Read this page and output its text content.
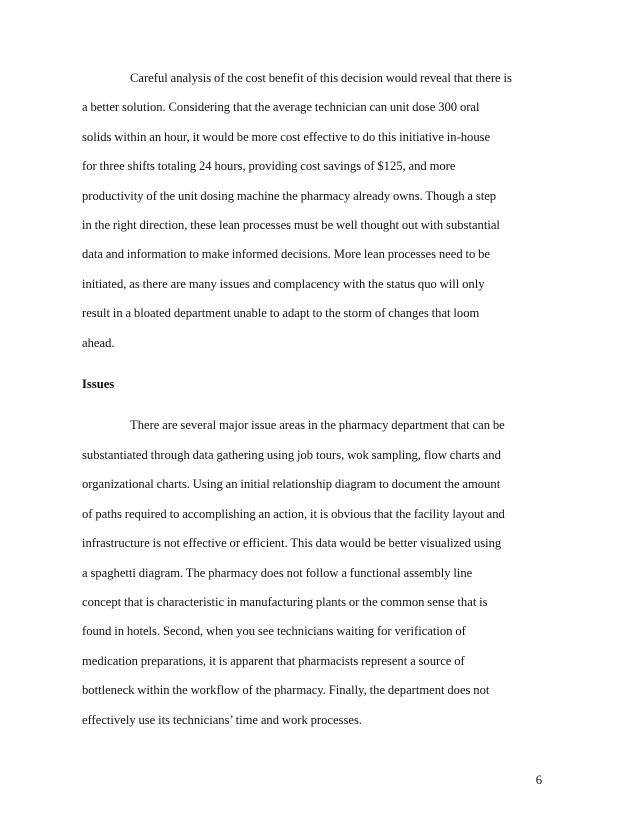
Careful analysis of the cost benefit of this decision would reveal that there is
a better solution. Considering that the average technician can unit dose 300 oral
solids within an hour, it would be more cost effective to do this initiative in-house
for three shifts totaling 24 hours, providing cost savings of $125, and more
productivity of the unit dosing machine the pharmacy already owns. Though a step
in the right direction, these lean processes must be well thought out with substantial
data and information to make informed decisions. More lean processes need to be
initiated, as there are many issues and complacency with the status quo will only
result in a bloated department unable to adapt to the storm of changes that loom
ahead.

Issues

There are several major issue areas in the pharmacy department that can be
substantiated through data gathering using job tours, wok sampling, flow charts and
organizational charts. Using an initial relationship diagram to document the amount
of paths required to accomplishing an action, it is obvious that the facility layout and
infrastructure is not effective or efficient. This data would be better visualized using
a spaghetti diagram. The pharmacy does not follow a functional assembly line
concept that is characteristic in manufacturing plants or the common sense that is
found in hotels. Second, when you see technicians waiting for verification of
medication preparations, it is apparent that pharmacists represent a source of
bottleneck within the workflow of the pharmacy. Finally, the department does not
effectively use its technicians’ time and work processes.

6
